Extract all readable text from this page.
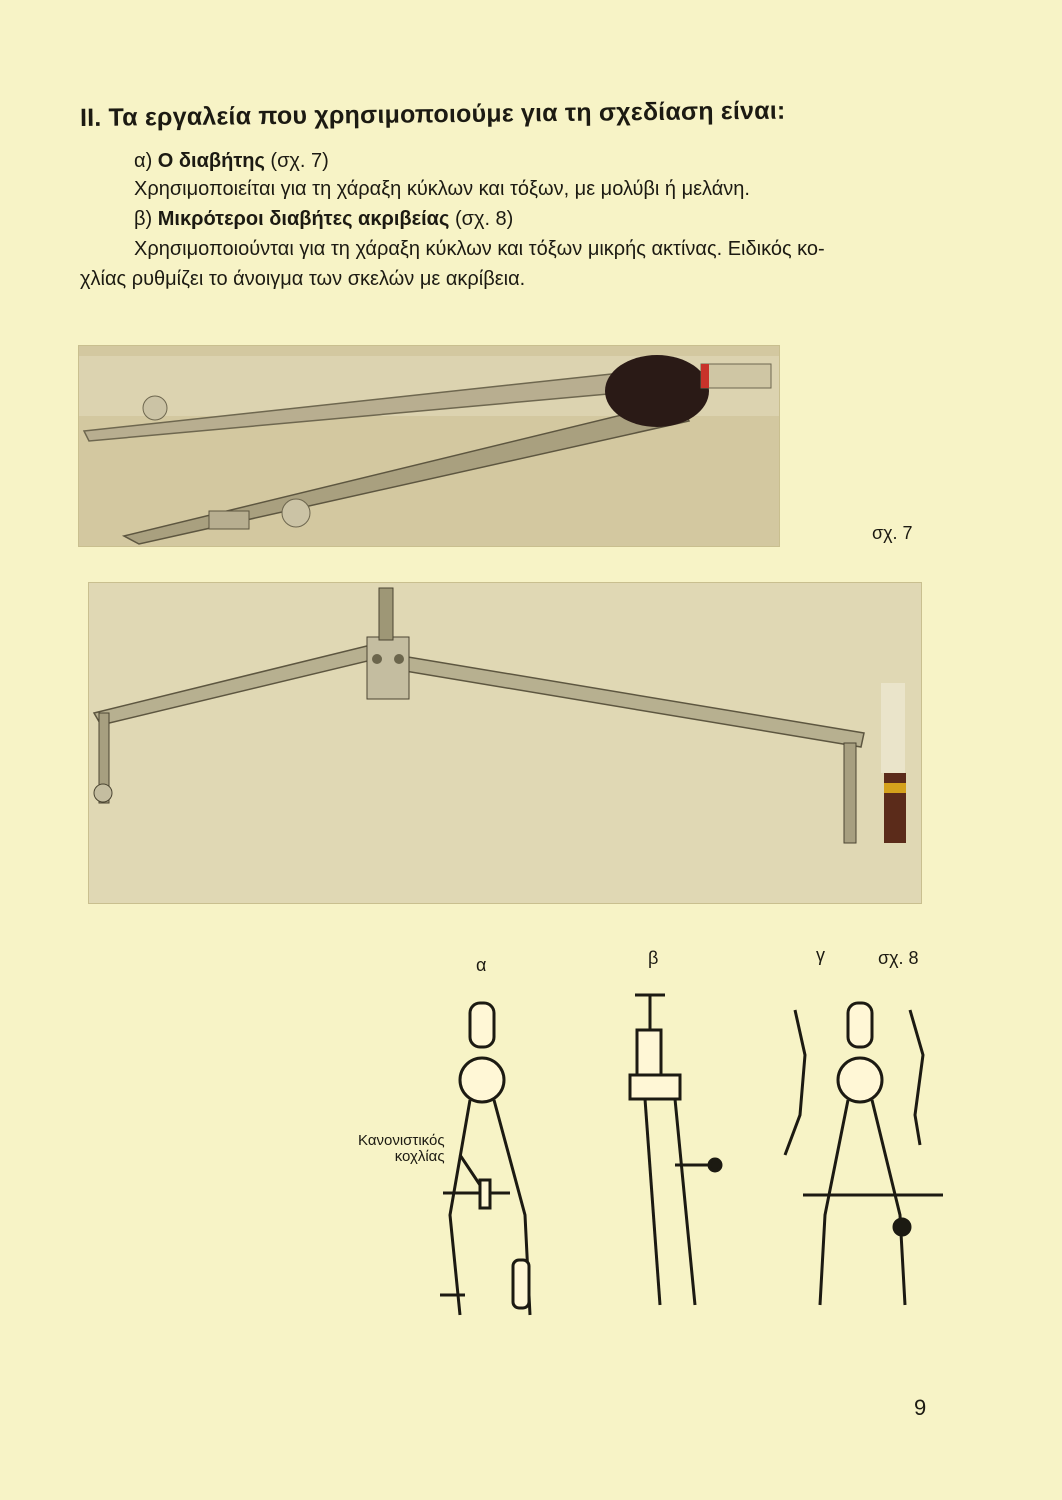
II. Τα εργαλεία που χρησιμοποιούμε για τη σχεδίαση είναι:
α) Ο διαβήτης (σχ. 7)
Χρησιμοποιείται για τη χάραξη κύκλων και τόξων, με μολύβι ή μελάνη.
β) Μικρότεροι διαβήτες ακριβείας (σχ. 8)
Χρησιμοποιούνται για τη χάραξη κύκλων και τόξων μικρής ακτίνας. Ειδικός κο-
χλίας ρυθμίζει το άνοιγμα των σκελών με ακρίβεια.
σχ. 7
α	β	γ	σχ. 8
Κανονιστικός
κοχλίας
9
